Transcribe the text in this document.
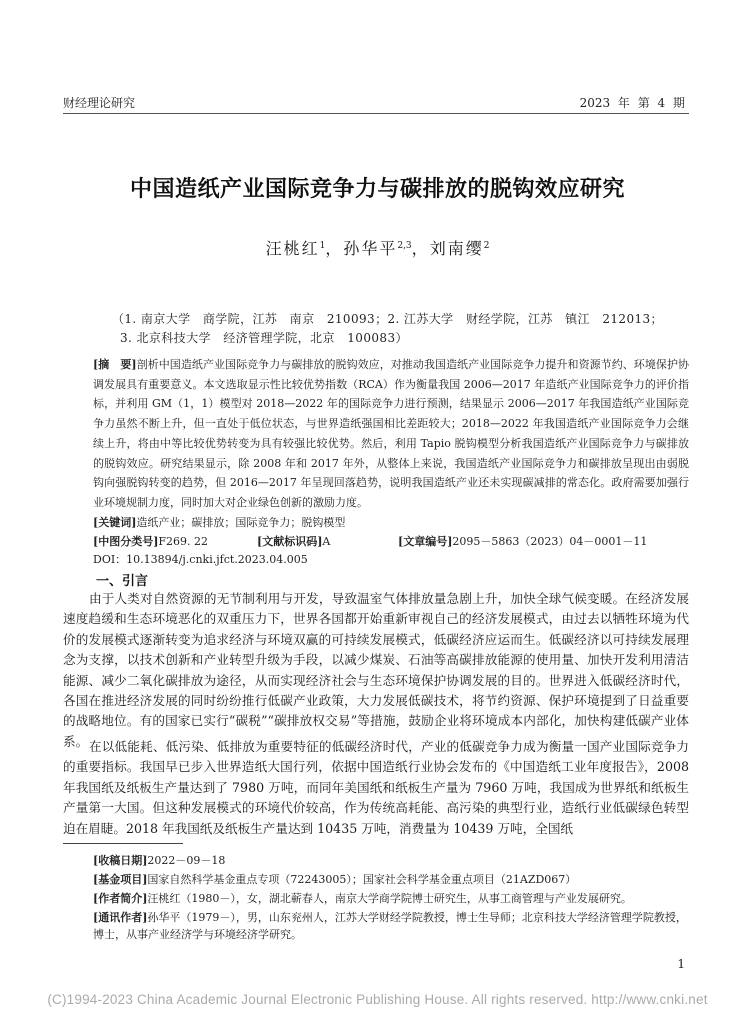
财经理论研究	2023 年 第 4 期
中国造纸产业国际竞争力与碳排放的脱钩效应研究
汪桃红$^1$，孙华平$^{2,3}$，刘南缨$^2$
（1. 南京大学　商学院，江苏　南京　210093；2. 江苏大学　财经学院，江苏　镇江　212013；
3. 北京科技大学　经济管理学院，北京　100083）

[摘　要]剖析中国造纸产业国际竞争力与碳排放的脱钩效应，对推动我国造纸产业国际竞争力提升和资源节约、环境保护协调发展具有重要意义。本文选取显示性比较优势指数（RCA）作为衡量我国 2006—2017 年造纸产业国际竞争力的评价指标，并利用 GM（1，1）模型对 2018—2022 年的国际竞争力进行预测，结果显示 2006—2017 年我国造纸产业国际竞争力虽然不断上升，但一直处于低位状态，与世界造纸强国相比差距较大；2018—2022 年我国造纸产业国际竞争力会继续上升，将由中等比较优势转变为具有较强比较优势。然后，利用 Tapio 脱钩模型分析我国造纸产业国际竞争力与碳排放的脱钩效应。研究结果显示，除 2008 年和 2017 年外，从整体上来说，我国造纸产业国际竞争力和碳排放呈现出由弱脱钩向强脱钩转变的趋势，但 2016—2017 年呈现回落趋势，说明我国造纸产业还未实现碳减排的常态化。政府需要加强行业环境规制力度，同时加大对企业绿色创新的激励力度。

[关键词]造纸产业；碳排放；国际竞争力；脱钩模型
[中图分类号]F269. 22	[文献标识码]A	[文章编号]2095－5863（2023）04－0001－11
DOI：10.13894/j.cnki.jfct.2023.04.005
一、引言

由于人类对自然资源的无节制利用与开发，导致温室气体排放量急剧上升，加快全球气候变暖。在经济发展速度趋缓和生态环境恶化的双重压力下，世界各国都开始重新审视自己的经济发展模式，由过去以牺牲环境为代价的发展模式逐渐转变为追求经济与环境双赢的可持续发展模式，低碳经济应运而生。低碳经济以可持续发展理念为支撑，以技术创新和产业转型升级为手段，以减少煤炭、石油等高碳排放能源的使用量、加快开发利用清洁能源、减少二氧化碳排放为途径，从而实现经济社会与生态环境保护协调发展的目的。世界进入低碳经济时代，各国在推进经济发展的同时纷纷推行低碳产业政策，大力发展低碳技术，将节约资源、保护环境提到了日益重要的战略地位。有的国家已实行“碳税”“碳排放权交易”等措施，鼓励企业将环境成本内部化，加快构建低碳产业体系。 在以低能耗、低污染、低排放为重要特征的低碳经济时代，产业的低碳竞争力成为衡量一国产业国际竞争力的重要指标。我国早已步入世界造纸大国行列，依据中国造纸行业协会发布的《中国造纸工业年度报告》，2008 年我国纸及纸板生产量达到了 7980 万吨，而同年美国纸和纸板生产量为 7960 万吨，我国成为世界纸和纸板生产量第一大国。但这种发展模式的环境代价较高，作为传统高耗能、高污染的典型行业，造纸行业低碳绿色转型迫在眉睫。2018 年我国纸及纸板生产量达到 10435 万吨，消费量为 10439 万吨，全国纸

[收稿日期]2022－09－18
[基金项目]国家自然科学基金重点专项（72243005）；国家社会科学基金重点项目（21AZD067）
[作者简介]汪桃红（1980－），女，湖北蕲春人，南京大学商学院博士研究生，从事工商管理与产业发展研究。
[通讯作者]孙华平（1979－），男，山东兖州人，江苏大学财经学院教授，博士生导师；北京科技大学经济管理学院教授，博士，从事产业经济学与环境经济学研究。
1
(C)1994-2023 China Academic Journal Electronic Publishing House. All rights reserved. http://www.cnki.net
